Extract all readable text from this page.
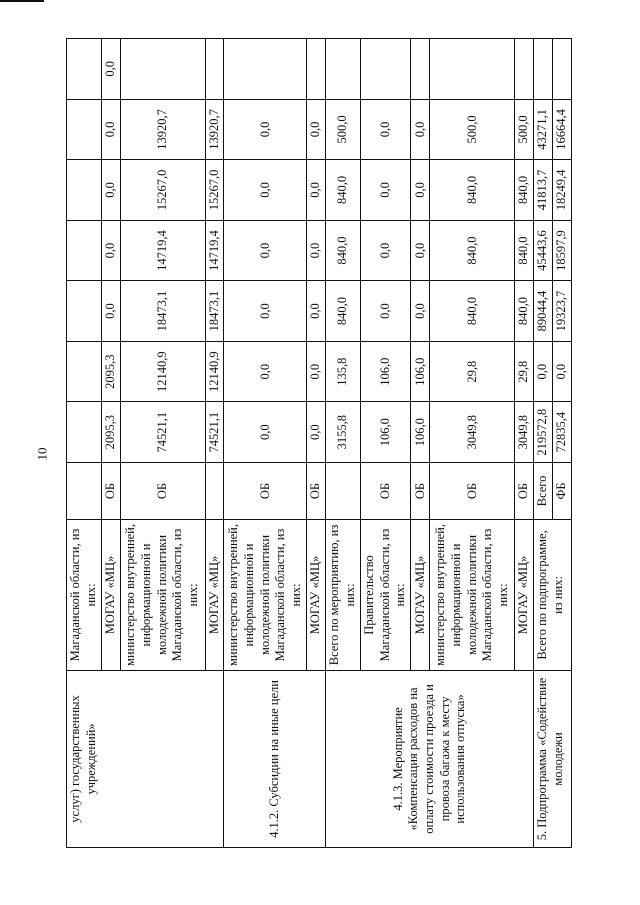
10
услуг) государственных учреждений»	Магаданской области, из них:								
	МОГАУ «МЦ»	ОБ	2095,3	2095,3	0,0	0,0	0,0	0,0	0,0
	министерство внутренней, информационной и молодежной политики Магаданской области, из них:	ОБ	74521,1	12140,9	18473,1	14719,4	15267,0	13920,7	
	МОГАУ «МЦ»		74521,1	12140,9	18473,1	14719,4	15267,0	13920,7	
4.1.2. Субсидии на иные цели	министерство внутренней, информационной и молодежной политики Магаданской области, из них:	ОБ	0,0	0,0	0,0	0,0	0,0	0,0	
	МОГАУ «МЦ»	ОБ	0,0	0,0	0,0	0,0	0,0	0,0	
4.1.3. Мероприятие «Компенсация расходов на оплату стоимости проезда и провоза багажа к месту использования отпуска»	Всего по мероприятию, из них:		3155,8	135,8	840,0	840,0	840,0	500,0	
	Правительство Магаданской области, из них:	ОБ	106,0	106,0	0,0	0,0	0,0	0,0	
	МОГАУ «МЦ»	ОБ	106,0	106,0	0,0	0,0	0,0	0,0	
	министерство внутренней, информационной и молодежной политики Магаданской области, из них:	ОБ	3049,8	29,8	840,0	840,0	840,0	500,0	
	МОГАУ «МЦ»	ОБ	3049,8	29,8	840,0	840,0	840,0	500,0	
5. Подпрограмма «Содействие молодежи	Всего по подпрограмме, из них:	Всего	219572,8	0,0	89044,4	45443,6	41813,7	43271,1	
		ФБ	72835,4	0,0	19323,7	18597,9	18249,4	16664,4	
